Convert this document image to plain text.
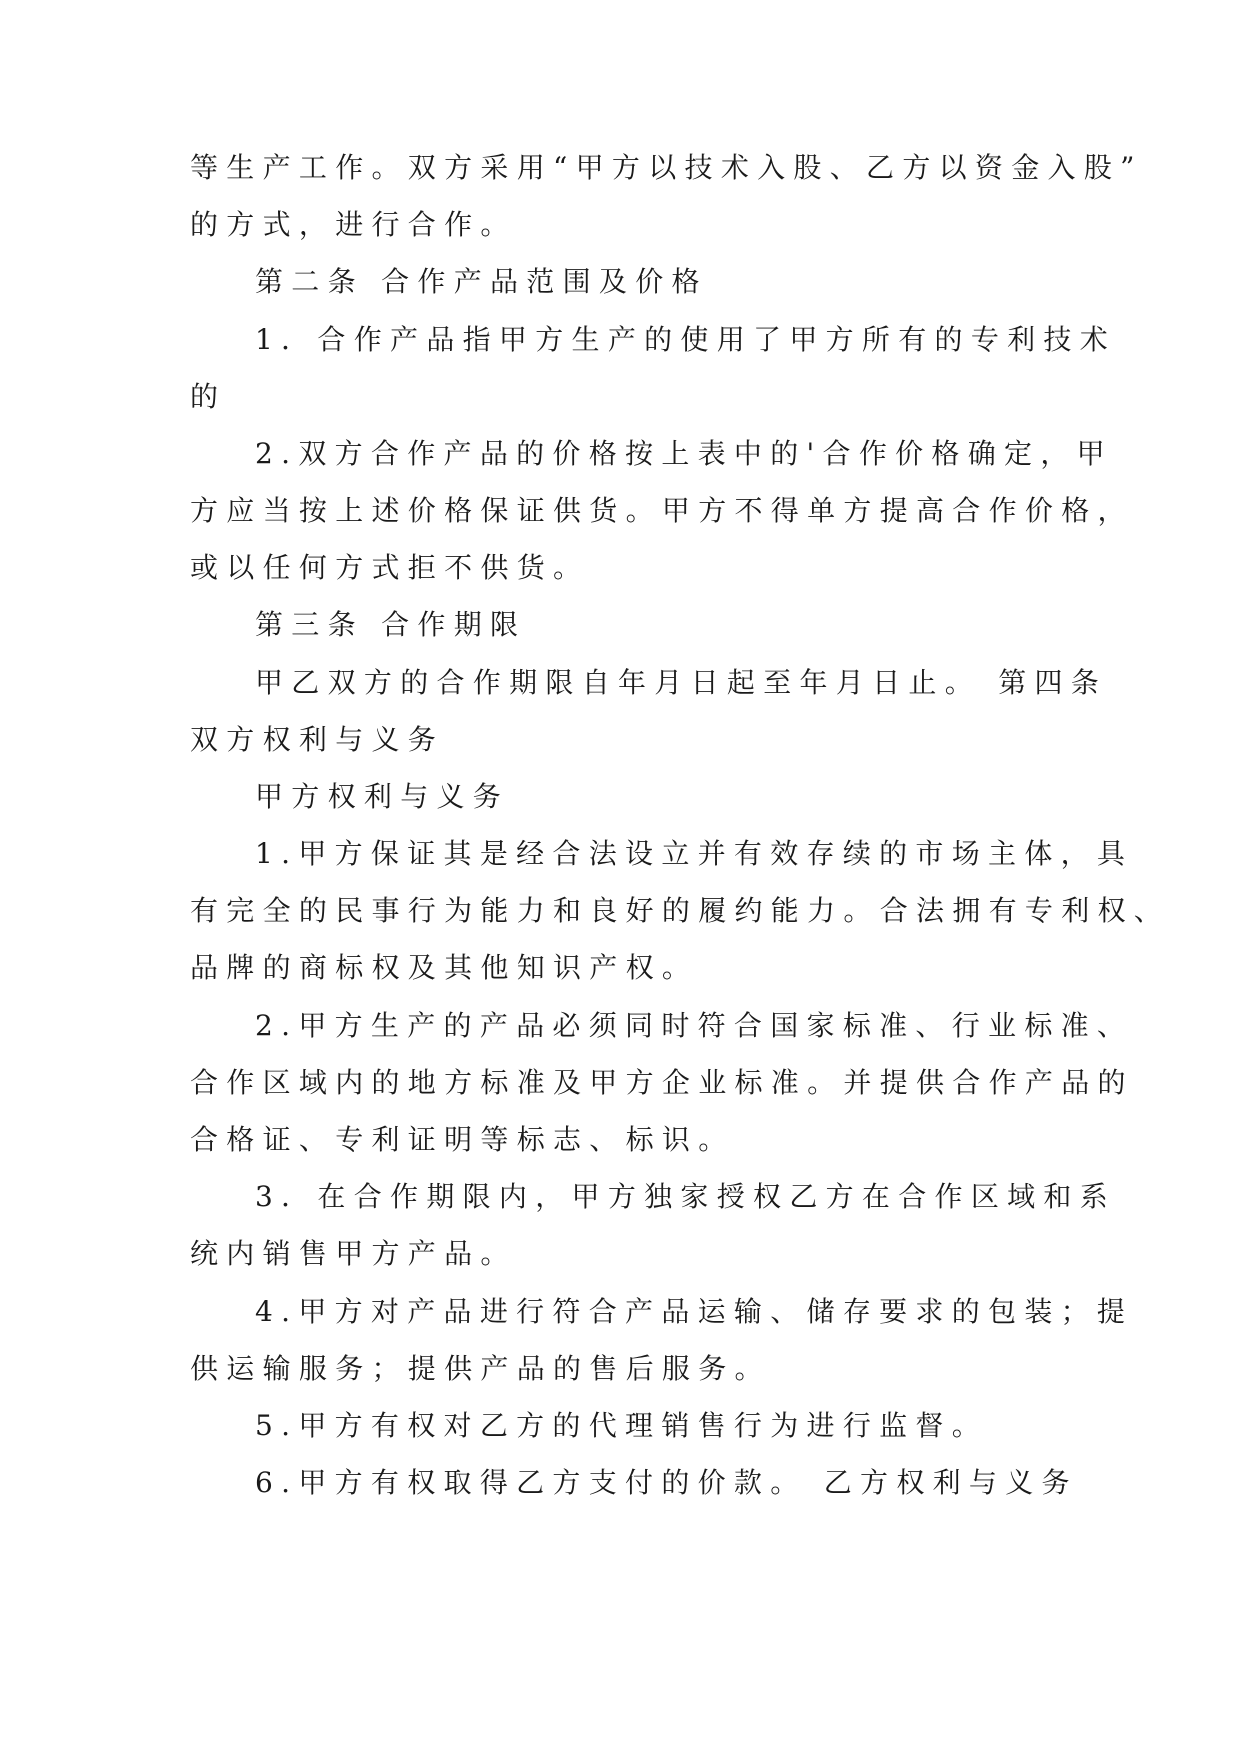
等生产工作。双方采用“甲方以技术入股、乙方以资金入股”
的方式，进行合作。
第二条 合作产品范围及价格
1．合作产品指甲方生产的使用了甲方所有的专利技术
的
2.双方合作产品的价格按上表中的'合作价格确定，甲
方应当按上述价格保证供货。甲方不得单方提高合作价格，
或以任何方式拒不供货。
第三条 合作期限
甲乙双方的合作期限自年月日起至年月日止。 第四条
双方权利与义务
甲方权利与义务
1.甲方保证其是经合法设立并有效存续的市场主体，具
有完全的民事行为能力和良好的履约能力。合法拥有专利权、
品牌的商标权及其他知识产权。
2.甲方生产的产品必须同时符合国家标准、行业标准、
合作区域内的地方标准及甲方企业标准。并提供合作产品的
合格证、专利证明等标志、标识。
3．在合作期限内，甲方独家授权乙方在合作区域和系
统内销售甲方产品。
4.甲方对产品进行符合产品运输、储存要求的包装；提
供运输服务；提供产品的售后服务。
5.甲方有权对乙方的代理销售行为进行监督。
6.甲方有权取得乙方支付的价款。 乙方权利与义务
